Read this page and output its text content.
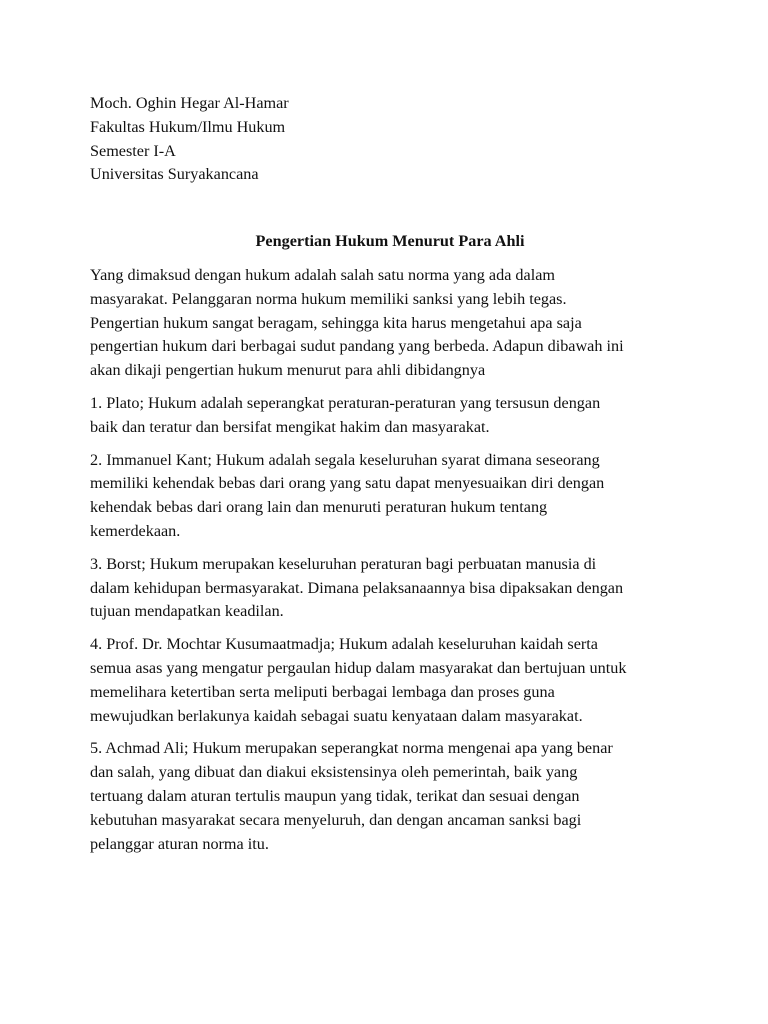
Moch. Oghin Hegar Al-Hamar
Fakultas Hukum/Ilmu Hukum
Semester I-A
Universitas Suryakancana
Pengertian Hukum Menurut Para Ahli
Yang dimaksud dengan hukum adalah salah satu norma yang ada dalam
masyarakat. Pelanggaran norma hukum memiliki sanksi yang lebih tegas.
Pengertian hukum sangat beragam, sehingga kita harus mengetahui apa saja
pengertian hukum dari berbagai sudut pandang yang berbeda. Adapun dibawah ini
akan dikaji pengertian hukum menurut para ahli dibidangnya
1. Plato; Hukum adalah seperangkat peraturan-peraturan yang tersusun dengan
baik dan teratur dan bersifat mengikat hakim dan masyarakat.
2. Immanuel Kant; Hukum adalah segala keseluruhan syarat dimana seseorang
memiliki kehendak bebas dari orang yang satu dapat menyesuaikan diri dengan
kehendak bebas dari orang lain dan menuruti peraturan hukum tentang
kemerdekaan.
3. Borst; Hukum merupakan keseluruhan peraturan bagi perbuatan manusia di
dalam kehidupan bermasyarakat. Dimana pelaksanaannya bisa dipaksakan dengan
tujuan mendapatkan keadilan.
4. Prof. Dr. Mochtar Kusumaatmadja; Hukum adalah keseluruhan kaidah serta
semua asas yang mengatur pergaulan hidup dalam masyarakat dan bertujuan untuk
memelihara ketertiban serta meliputi berbagai lembaga dan proses guna
mewujudkan berlakunya kaidah sebagai suatu kenyataan dalam masyarakat.
5. Achmad Ali; Hukum merupakan seperangkat norma mengenai apa yang benar
dan salah, yang dibuat dan diakui eksistensinya oleh pemerintah, baik yang
tertuang dalam aturan tertulis maupun yang tidak, terikat dan sesuai dengan
kebutuhan masyarakat secara menyeluruh, dan dengan ancaman sanksi bagi
pelanggar aturan norma itu.
